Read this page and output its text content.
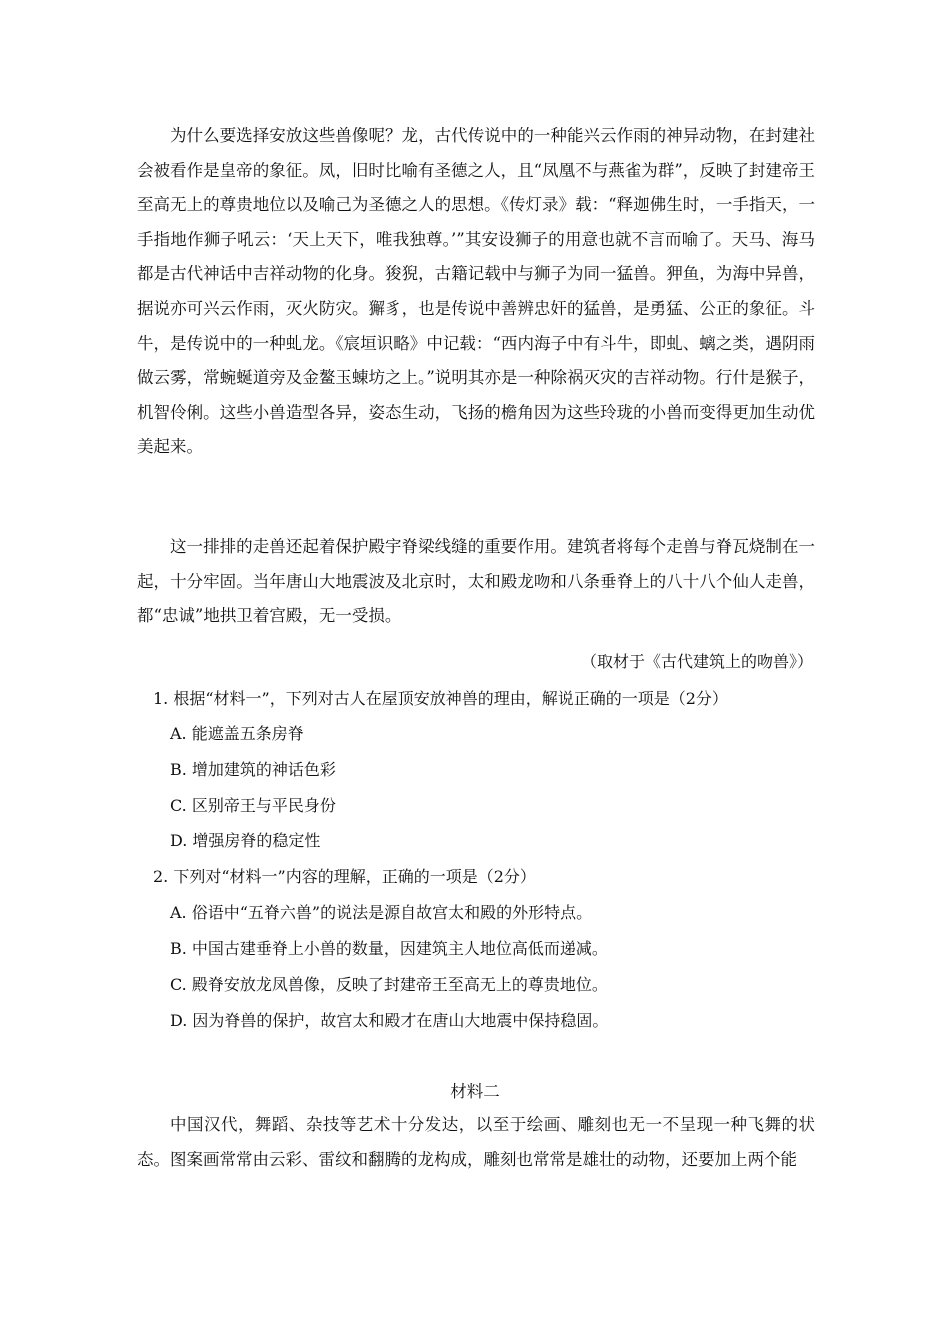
为什么要选择安放这些兽像呢？龙，古代传说中的一种能兴云作雨的神异动物，在封建社会被看作是皇帝的象征。凤，旧时比喻有圣德之人，且“凤凰不与燕雀为群”，反映了封建帝王至高无上的尊贵地位以及喻己为圣德之人的思想。《传灯录》载：“释迦佛生时，一手指天，一手指地作狮子吼云：‘天上天下，唯我独尊。’”其安设狮子的用意也就不言而喻了。天马、海马都是古代神话中吉祥动物的化身。狻猊，古籍记载中与狮子为同一猛兽。狎鱼，为海中异兽，据说亦可兴云作雨，灭火防灾。獬豸，也是传说中善辨忠奸的猛兽，是勇猛、公正的象征。斗牛，是传说中的一种虬龙。《宸垣识略》中记载：“西内海子中有斗牛，即虬、螭之类，遇阴雨做云雾，常蜿蜒道旁及金鳌玉蝀坊之上。”说明其亦是一种除祸灭灾的吉祥动物。行什是猴子，机智伶俐。这些小兽造型各异，姿态生动，飞扬的檐角因为这些玲珑的小兽而变得更加生动优美起来。

这一排排的走兽还起着保护殿宇脊梁线缝的重要作用。建筑者将每个走兽与脊瓦烧制在一起，十分牢固。当年唐山大地震波及北京时，太和殿龙吻和八条垂脊上的八十八个仙人走兽，都“忠诚”地拱卫着宫殿，无一受损。

（取材于《古代建筑上的吻兽》）

1. 根据“材料一”，下列对古人在屋顶安放神兽的理由，解说正确的一项是（2分）

A. 能遮盖五条房脊

B. 增加建筑的神话色彩

C. 区别帝王与平民身份

D. 增强房脊的稳定性

2. 下列对“材料一”内容的理解，正确的一项是（2分）

A. 俗语中“五脊六兽”的说法是源自故宫太和殿的外形特点。

B. 中国古建垂脊上小兽的数量，因建筑主人地位高低而递减。

C. 殿脊安放龙凤兽像，反映了封建帝王至高无上的尊贵地位。

D. 因为脊兽的保护，故宫太和殿才在唐山大地震中保持稳固。

材料二

中国汉代，舞蹈、杂技等艺术十分发达，以至于绘画、雕刻也无一不呈现一种飞舞的状态。图案画常常由云彩、雷纹和翻腾的龙构成，雕刻也常常是雄壮的动物，还要加上两个能
